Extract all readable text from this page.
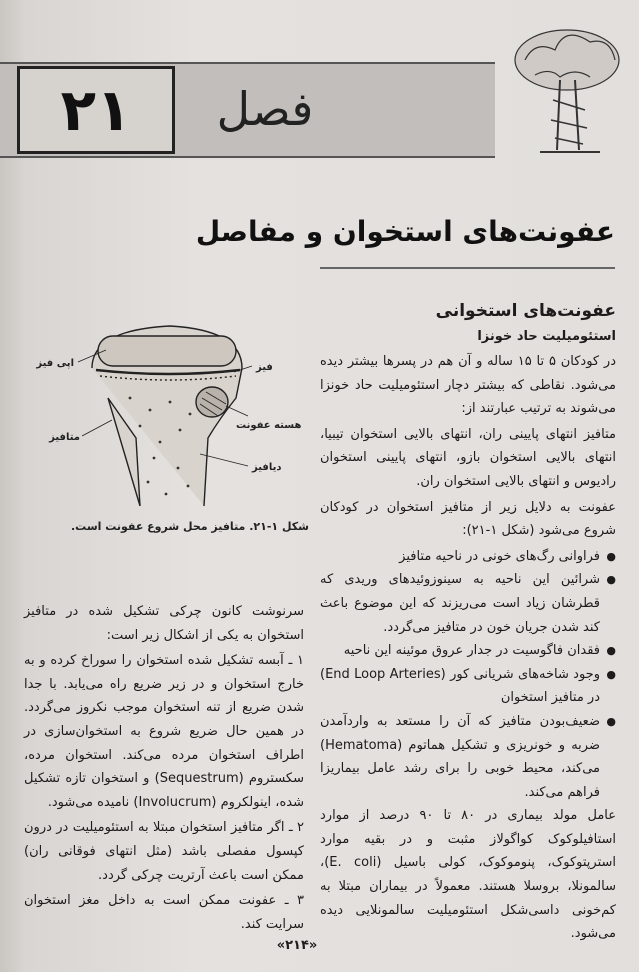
۲۱ فصل
عفونت‌های استخوان و مفاصل

عفونت‌های استخوانی

استئومیلیت حاد خونزا

در کودکان ۵ تا ۱۵ ساله و آن هم در پسرها بیشتر دیده می‌شود. نقاطی که بیشتر دچار استئومیلیت حاد خونزا می‌شوند به ترتیب عبارتند از:

متافیز انتهای پایینی ران، انتهای بالایی استخوان تیبیا، انتهای بالایی استخوان بازو، انتهای پایینی استخوان رادیوس و انتهای بالایی استخوان ران.

عفونت به دلایل زیر از متافیز استخوان در کودکان شروع می‌شود (شکل ۱-۲۱):

● فراوانی رگ‌های خونی در ناحیه متافیز
● شرائین این ناحیه به سینوزوئیدهای وریدی که قطرشان زیاد است می‌ریزند که این موضوع باعث کند شدن جریان خون در متافیز می‌گردد.
● فقدان فاگوسیت در جدار عروق موئینه این ناحیه
● وجود شاخه‌های شریانی کور (End Loop Arteries) در متافیز استخوان
● ضعیف‌بودن متافیز که آن را مستعد به واردآمدن ضربه و خونریزی و تشکیل هماتوم (Hematoma) می‌کند، محیط خوبی را برای رشد عامل بیماریزا فراهم می‌کند.

عامل مولد بیماری در ۸۰ تا ۹۰ درصد از موارد استافیلوکوک کواگولاز مثبت و در بقیه موارد استرپتوکوک، پنوموکوک، کولی باسیل (E. coli)، سالمونلا، بروسلا هستند. معمولاً در بیماران مبتلا به کم‌خونی داسی‌شکل استئومیلیت سالمونلایی دیده می‌شود.

اپی فیز	فیز
هسته عفونت
متافیز
دیافیز
شکل ۱-۲۱. متافیز محل شروع عفونت است.

سرنوشت کانون چرکی تشکیل شده در متافیز استخوان به یکی از اشکال زیر است:

۱ ـ آبسه تشکیل شده استخوان را سوراخ کرده و به خارج استخوان و در زیر ضریع راه می‌یابد. با جدا شدن ضریع از تنه استخوان موجب نکروز می‌گردد. در همین حال ضریع شروع به استخوان‌سازی در اطراف استخوان مرده می‌کند. استخوان مرده، سکستروم (Sequestrum) و استخوان تازه تشکیل شده، اینولکروم (Involucrum) نامیده می‌شود.

۲ ـ اگر متافیز استخوان مبتلا به استئومیلیت در درون کپسول مفصلی باشد (مثل انتهای فوقانی ران) ممکن است باعث آرتریت چرکی گردد.

۳ ـ عفونت ممکن است به داخل مغز استخوان سرایت کند.

«۲۱۴»
